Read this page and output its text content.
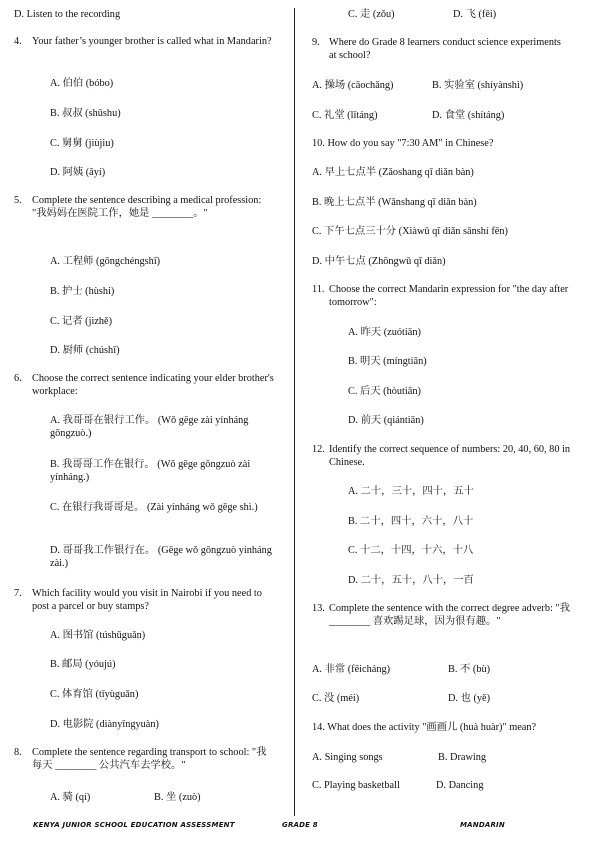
D. Listen to the recording
4. Your father’s younger brother is called what in Mandarin?
A. 伯伯 (bóbo)
B. 叔叔 (shūshu)
C. 舅舅 (jiùjiu)
D. 阿姨 (āyí)
5. Complete the sentence describing a medical profession: "我妈妈在医院工作，她是 ________。"
A. 工程师 (gōngchéngshī)
B. 护士 (hùshi)
C. 记者 (jìzhě)
D. 厨师 (chúshī)
6. Choose the correct sentence indicating your elder brother's workplace:
A. 我哥哥在银行工作。 (Wǒ gēge zài yínháng gōngzuò.)
B. 我哥哥工作在银行。 (Wǒ gēge gōngzuò zài yínháng.)
C. 在银行我哥哥是。 (Zài yínháng wǒ gēge shì.)
D. 哥哥我工作银行在。 (Gēge wǒ gōngzuò yínháng zài.)
7. Which facility would you visit in Nairobi if you need to post a parcel or buy stamps?
A. 图书馆 (túshūguǎn)
B. 邮局 (yóujú)
C. 体育馆 (tǐyùguǎn)
D. 电影院 (diànyǐngyuàn)
8. Complete the sentence regarding transport to school: "我每天 ________ 公共汽车去学校。"
A. 骑 (qí)	B. 坐 (zuò)
C. 走 (zǒu)	D. 飞 (fēi)
9. Where do Grade 8 learners conduct science experiments at school?
A. 操场 (cāochǎng)	B. 实验室 (shíyànshì)
C. 礼堂 (lǐtáng)	D. 食堂 (shítáng)
10. How do you say "7:30 AM" in Chinese?
A. 早上七点半 (Zǎoshang qī diǎn bàn)
B. 晚上七点半 (Wǎnshang qī diǎn bàn)
C. 下午七点三十分 (Xiàwǔ qī diǎn sānshí fēn)
D. 中午七点 (Zhōngwǔ qī diǎn)
11. Choose the correct Mandarin expression for "the day after tomorrow":
A. 昨天 (zuótiān)
B. 明天 (míngtiān)
C. 后天 (hòutiān)
D. 前天 (qiántiān)
12. Identify the correct sequence of numbers: 20, 40, 60, 80 in Chinese.
A. 二十，三十，四十，五十
B. 二十，四十，六十，八十
C. 十二，十四，十六，十八
D. 二十，五十，八十，一百
13. Complete the sentence with the correct degree adverb: "我 ________ 喜欢踢足球，因为很有趣。"
A. 非常 (fēicháng)	B. 不 (bù)
C. 没 (méi)	D. 也 (yě)
14. What does the activity "画画儿 (huà huàr)" mean?
A. Singing songs	B. Drawing
C. Playing basketball	D. Dancing
KENYA JUNIOR SCHOOL EDUCATION ASSESSMENT	GRADE 8	MANDARIN
